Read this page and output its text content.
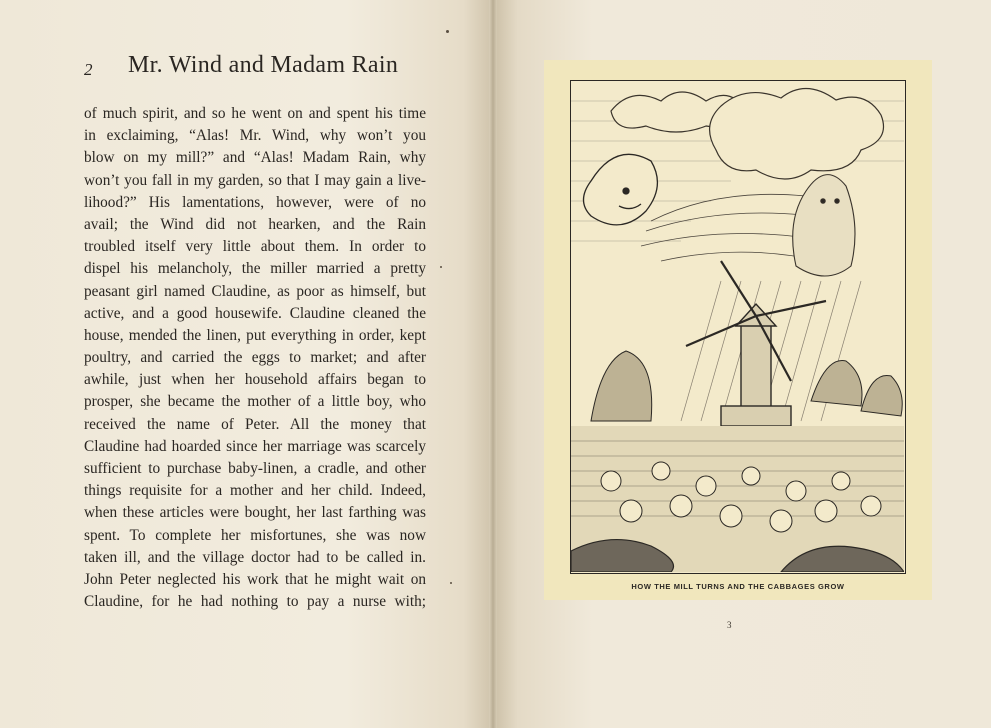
2 Mr. Wind and Madam Rain
of much spirit, and so he went on and spent his time
in exclaiming, “Alas! Mr. Wind, why won’t you
blow on my mill?” and “Alas! Madam Rain, why
won’t you fall in my garden, so that I may gain a live-
lihood?” His lamentations, however, were of no
avail; the Wind did not hearken, and the Rain
troubled itself very little about them. In order to
dispel his melancholy, the miller married a pretty
peasant girl named Claudine, as poor as himself, but
active, and a good housewife. Claudine cleaned the
house, mended the linen, put everything in order, kept
poultry, and carried the eggs to market; and after
awhile, just when her household affairs began to
prosper, she became the mother of a little boy, who
received the name of Peter. All the money that
Claudine had hoarded since her marriage was scarcely
sufficient to purchase baby-linen, a cradle, and other
things requisite for a mother and her child. Indeed,
when these articles were bought, her last farthing was
spent. To complete her misfortunes, she was now
taken ill, and the village doctor had to be called in.
John Peter neglected his work that he might wait on
Claudine, for he had nothing to pay a nurse with;
HOW THE MILL TURNS AND THE CABBAGES GROW
3
